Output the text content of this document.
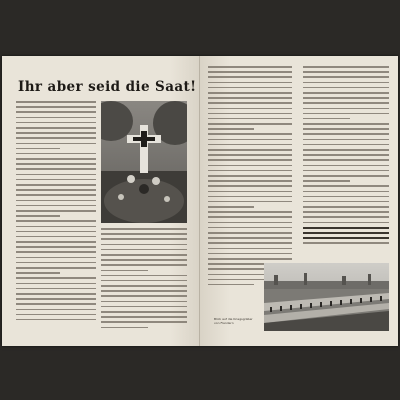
Ihr aber seid die Saat!
Blick auf die Kriegsgräber
von Flandern
